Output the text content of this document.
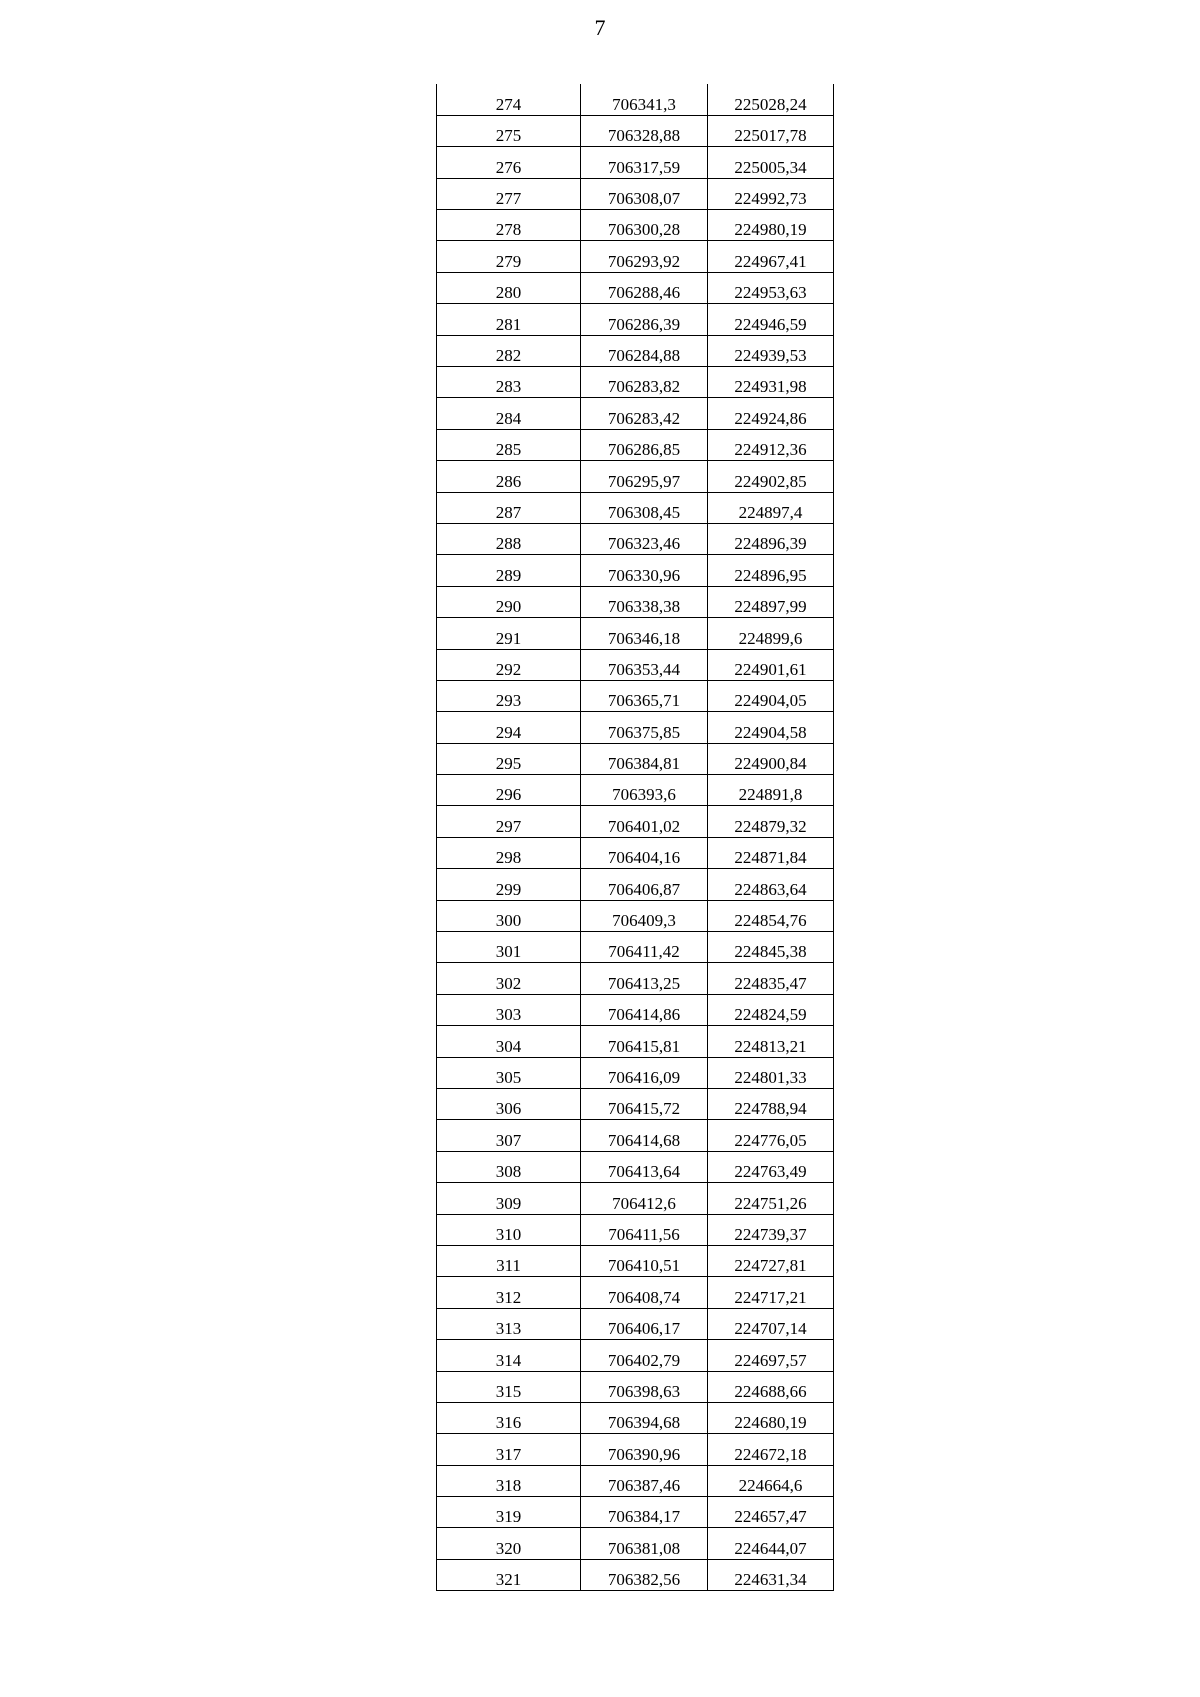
7
274	706341,3	225028,24
275	706328,88	225017,78
276	706317,59	225005,34
277	706308,07	224992,73
278	706300,28	224980,19
279	706293,92	224967,41
280	706288,46	224953,63
281	706286,39	224946,59
282	706284,88	224939,53
283	706283,82	224931,98
284	706283,42	224924,86
285	706286,85	224912,36
286	706295,97	224902,85
287	706308,45	224897,4
288	706323,46	224896,39
289	706330,96	224896,95
290	706338,38	224897,99
291	706346,18	224899,6
292	706353,44	224901,61
293	706365,71	224904,05
294	706375,85	224904,58
295	706384,81	224900,84
296	706393,6	224891,8
297	706401,02	224879,32
298	706404,16	224871,84
299	706406,87	224863,64
300	706409,3	224854,76
301	706411,42	224845,38
302	706413,25	224835,47
303	706414,86	224824,59
304	706415,81	224813,21
305	706416,09	224801,33
306	706415,72	224788,94
307	706414,68	224776,05
308	706413,64	224763,49
309	706412,6	224751,26
310	706411,56	224739,37
311	706410,51	224727,81
312	706408,74	224717,21
313	706406,17	224707,14
314	706402,79	224697,57
315	706398,63	224688,66
316	706394,68	224680,19
317	706390,96	224672,18
318	706387,46	224664,6
319	706384,17	224657,47
320	706381,08	224644,07
321	706382,56	224631,34
